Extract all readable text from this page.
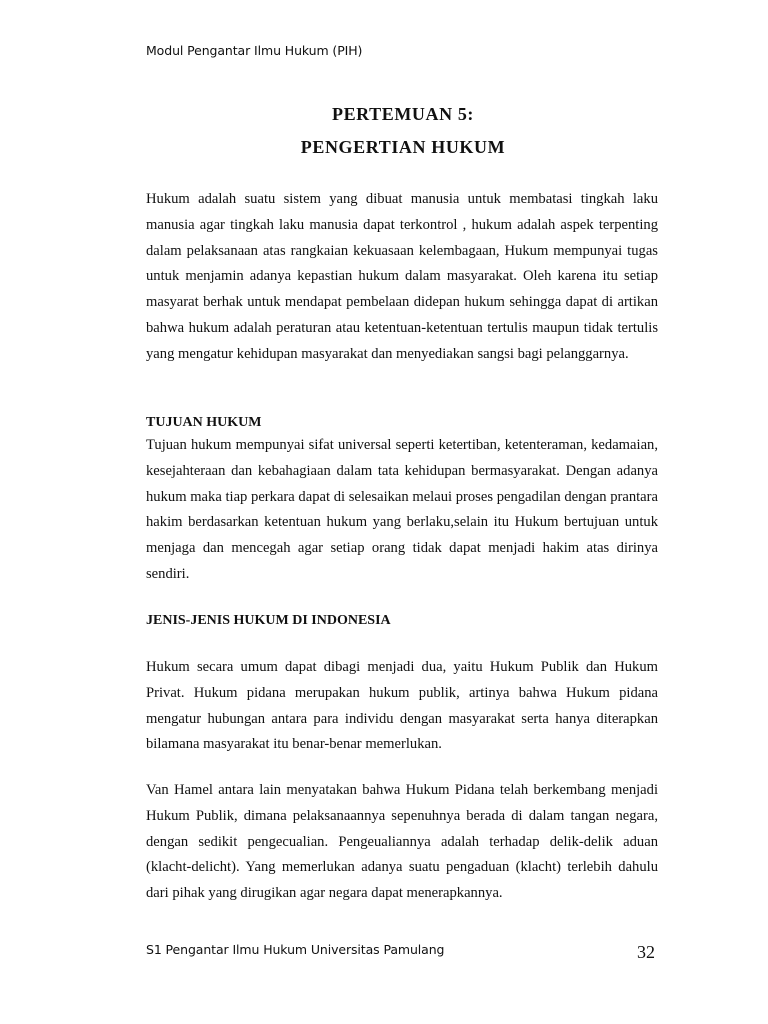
Modul Pengantar Ilmu Hukum (PIH)
PERTEMUAN 5:
PENGERTIAN HUKUM

Hukum adalah suatu sistem yang dibuat manusia untuk membatasi tingkah laku manusia agar tingkah laku manusia dapat terkontrol , hukum adalah aspek terpenting dalam pelaksanaan atas rangkaian kekuasaan kelembagaan, Hukum mempunyai tugas untuk menjamin adanya kepastian hukum dalam masyarakat. Oleh karena itu setiap masyarat berhak untuk mendapat pembelaan didepan hukum sehingga dapat di artikan bahwa hukum adalah peraturan atau ketentuan-ketentuan tertulis maupun tidak tertulis yang mengatur kehidupan masyarakat dan menyediakan sangsi bagi pelanggarnya.

TUJUAN HUKUM

Tujuan hukum mempunyai sifat universal seperti ketertiban, ketenteraman, kedamaian, kesejahteraan dan kebahagiaan dalam tata kehidupan bermasyarakat. Dengan adanya hukum maka tiap perkara dapat di selesaikan melaui proses pengadilan dengan prantara hakim berdasarkan ketentuan hukum yang berlaku,selain itu Hukum bertujuan untuk menjaga dan mencegah agar setiap orang tidak dapat menjadi hakim atas dirinya sendiri.

JENIS-JENIS HUKUM DI INDONESIA

Hukum secara umum dapat dibagi menjadi dua, yaitu Hukum Publik dan Hukum Privat. Hukum pidana merupakan hukum publik, artinya bahwa Hukum pidana mengatur hubungan antara para individu dengan masyarakat serta hanya diterapkan bilamana masyarakat itu benar-benar memerlukan.

Van Hamel antara lain menyatakan bahwa Hukum Pidana telah berkembang menjadi Hukum Publik, dimana pelaksanaannya sepenuhnya berada di dalam tangan negara, dengan sedikit pengecualian. Pengeualiannya adalah terhadap delik-delik aduan (klacht-delicht). Yang memerlukan adanya suatu pengaduan (klacht) terlebih dahulu dari pihak yang dirugikan agar negara dapat menerapkannya.

S1 Pengantar Ilmu Hukum Universitas Pamulang	32
